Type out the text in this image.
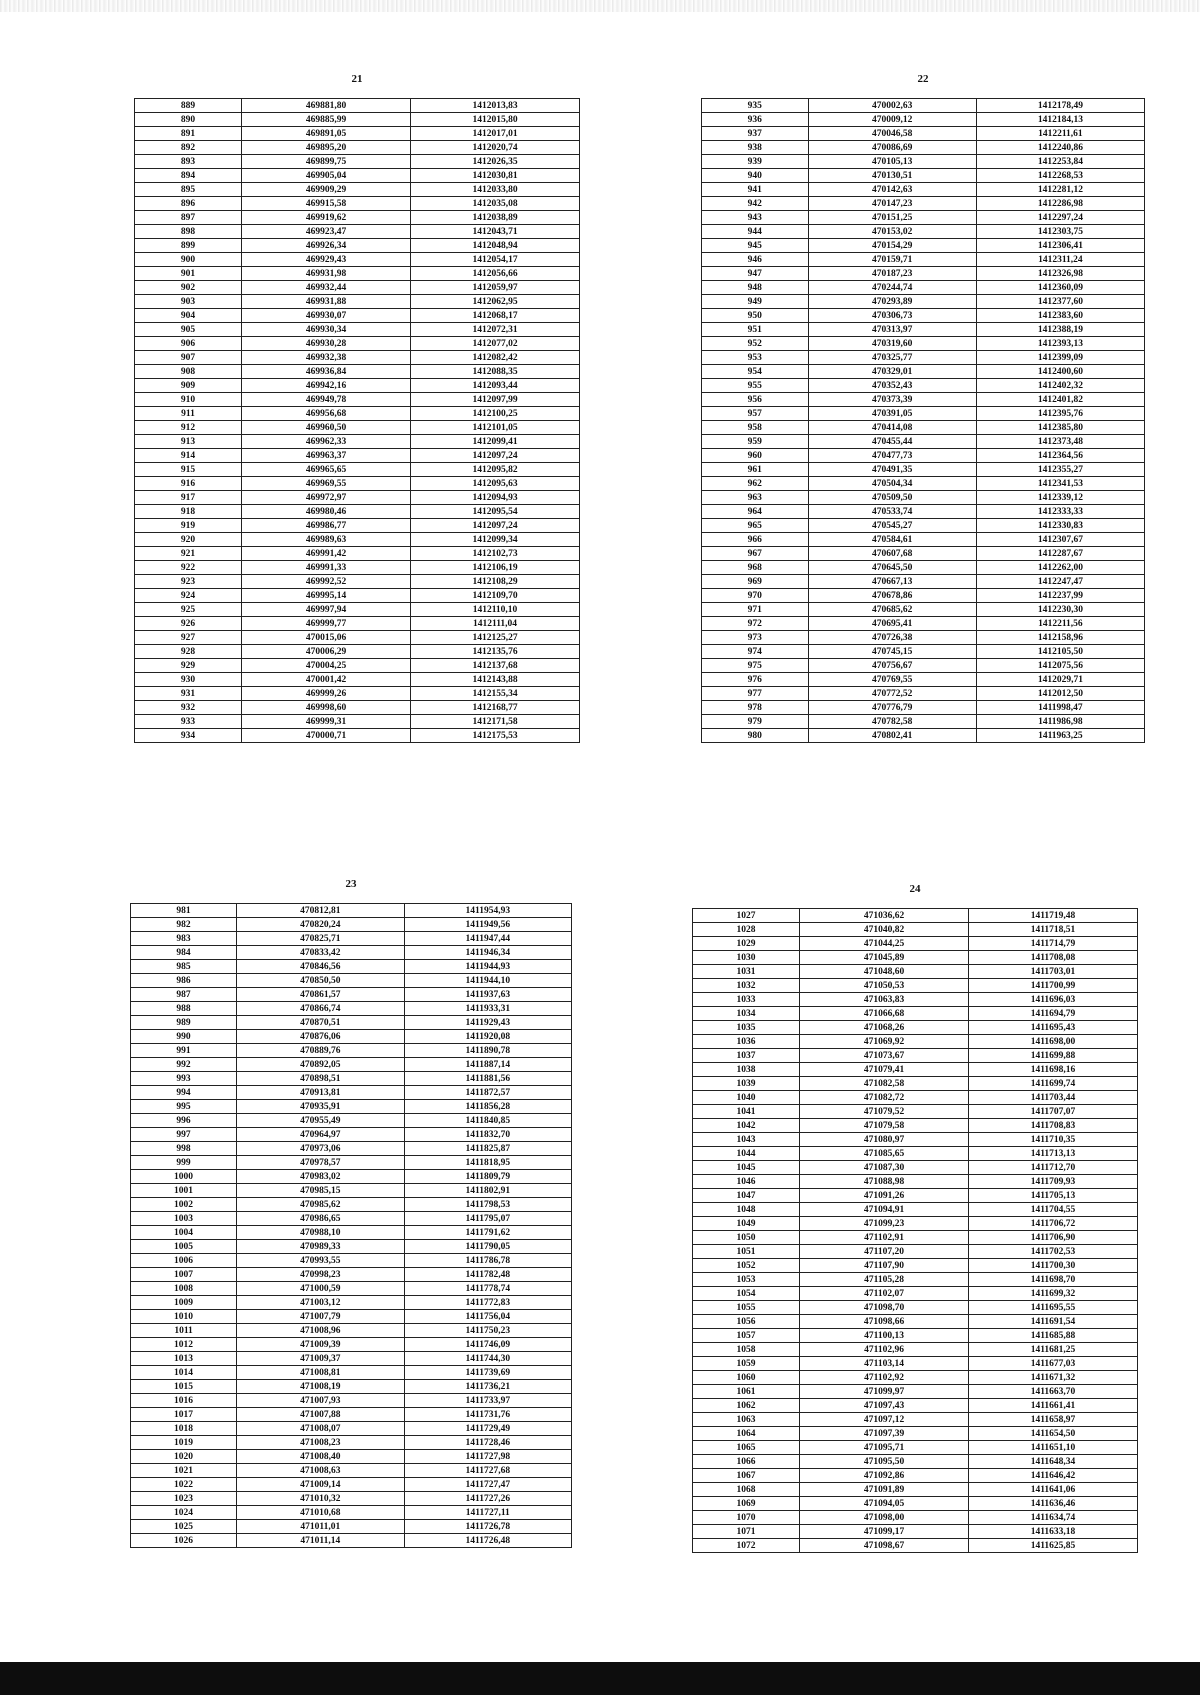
21
889	469881,80	1412013,83
890	469885,99	1412015,80
891	469891,05	1412017,01
892	469895,20	1412020,74
893	469899,75	1412026,35
894	469905,04	1412030,81
895	469909,29	1412033,80
896	469915,58	1412035,08
897	469919,62	1412038,89
898	469923,47	1412043,71
899	469926,34	1412048,94
900	469929,43	1412054,17
901	469931,98	1412056,66
902	469932,44	1412059,97
903	469931,88	1412062,95
904	469930,07	1412068,17
905	469930,34	1412072,31
906	469930,28	1412077,02
907	469932,38	1412082,42
908	469936,84	1412088,35
909	469942,16	1412093,44
910	469949,78	1412097,99
911	469956,68	1412100,25
912	469960,50	1412101,05
913	469962,33	1412099,41
914	469963,37	1412097,24
915	469965,65	1412095,82
916	469969,55	1412095,63
917	469972,97	1412094,93
918	469980,46	1412095,54
919	469986,77	1412097,24
920	469989,63	1412099,34
921	469991,42	1412102,73
922	469991,33	1412106,19
923	469992,52	1412108,29
924	469995,14	1412109,70
925	469997,94	1412110,10
926	469999,77	1412111,04
927	470015,06	1412125,27
928	470006,29	1412135,76
929	470004,25	1412137,68
930	470001,42	1412143,88
931	469999,26	1412155,34
932	469998,60	1412168,77
933	469999,31	1412171,58
934	470000,71	1412175,53
22
935	470002,63	1412178,49
936	470009,12	1412184,13
937	470046,58	1412211,61
938	470086,69	1412240,86
939	470105,13	1412253,84
940	470130,51	1412268,53
941	470142,63	1412281,12
942	470147,23	1412286,98
943	470151,25	1412297,24
944	470153,02	1412303,75
945	470154,29	1412306,41
946	470159,71	1412311,24
947	470187,23	1412326,98
948	470244,74	1412360,09
949	470293,89	1412377,60
950	470306,73	1412383,60
951	470313,97	1412388,19
952	470319,60	1412393,13
953	470325,77	1412399,09
954	470329,01	1412400,60
955	470352,43	1412402,32
956	470373,39	1412401,82
957	470391,05	1412395,76
958	470414,08	1412385,80
959	470455,44	1412373,48
960	470477,73	1412364,56
961	470491,35	1412355,27
962	470504,34	1412341,53
963	470509,50	1412339,12
964	470533,74	1412333,33
965	470545,27	1412330,83
966	470584,61	1412307,67
967	470607,68	1412287,67
968	470645,50	1412262,00
969	470667,13	1412247,47
970	470678,86	1412237,99
971	470685,62	1412230,30
972	470695,41	1412211,56
973	470726,38	1412158,96
974	470745,15	1412105,50
975	470756,67	1412075,56
976	470769,55	1412029,71
977	470772,52	1412012,50
978	470776,79	1411998,47
979	470782,58	1411986,98
980	470802,41	1411963,25
23
981	470812,81	1411954,93
982	470820,24	1411949,56
983	470825,71	1411947,44
984	470833,42	1411946,34
985	470846,56	1411944,93
986	470850,50	1411944,10
987	470861,57	1411937,63
988	470866,74	1411933,31
989	470870,51	1411929,43
990	470876,06	1411920,08
991	470889,76	1411890,78
992	470892,05	1411887,14
993	470898,51	1411881,56
994	470913,81	1411872,57
995	470935,91	1411856,28
996	470955,49	1411840,85
997	470964,97	1411832,70
998	470973,06	1411825,87
999	470978,57	1411818,95
1000	470983,02	1411809,79
1001	470985,15	1411802,91
1002	470985,62	1411798,53
1003	470986,65	1411795,07
1004	470988,10	1411791,62
1005	470989,33	1411790,05
1006	470993,55	1411786,78
1007	470998,23	1411782,48
1008	471000,59	1411778,74
1009	471003,12	1411772,83
1010	471007,79	1411756,04
1011	471008,96	1411750,23
1012	471009,39	1411746,09
1013	471009,37	1411744,30
1014	471008,81	1411739,69
1015	471008,19	1411736,21
1016	471007,93	1411733,97
1017	471007,88	1411731,76
1018	471008,07	1411729,49
1019	471008,23	1411728,46
1020	471008,40	1411727,98
1021	471008,63	1411727,68
1022	471009,14	1411727,47
1023	471010,32	1411727,26
1024	471010,68	1411727,11
1025	471011,01	1411726,78
1026	471011,14	1411726,48
24
1027	471036,62	1411719,48
1028	471040,82	1411718,51
1029	471044,25	1411714,79
1030	471045,89	1411708,08
1031	471048,60	1411703,01
1032	471050,53	1411700,99
1033	471063,83	1411696,03
1034	471066,68	1411694,79
1035	471068,26	1411695,43
1036	471069,92	1411698,00
1037	471073,67	1411699,88
1038	471079,41	1411698,16
1039	471082,58	1411699,74
1040	471082,72	1411703,44
1041	471079,52	1411707,07
1042	471079,58	1411708,83
1043	471080,97	1411710,35
1044	471085,65	1411713,13
1045	471087,30	1411712,70
1046	471088,98	1411709,93
1047	471091,26	1411705,13
1048	471094,91	1411704,55
1049	471099,23	1411706,72
1050	471102,91	1411706,90
1051	471107,20	1411702,53
1052	471107,90	1411700,30
1053	471105,28	1411698,70
1054	471102,07	1411699,32
1055	471098,70	1411695,55
1056	471098,66	1411691,54
1057	471100,13	1411685,88
1058	471102,96	1411681,25
1059	471103,14	1411677,03
1060	471102,92	1411671,32
1061	471099,97	1411663,70
1062	471097,43	1411661,41
1063	471097,12	1411658,97
1064	471097,39	1411654,50
1065	471095,71	1411651,10
1066	471095,50	1411648,34
1067	471092,86	1411646,42
1068	471091,89	1411641,06
1069	471094,05	1411636,46
1070	471098,00	1411634,74
1071	471099,17	1411633,18
1072	471098,67	1411625,85
